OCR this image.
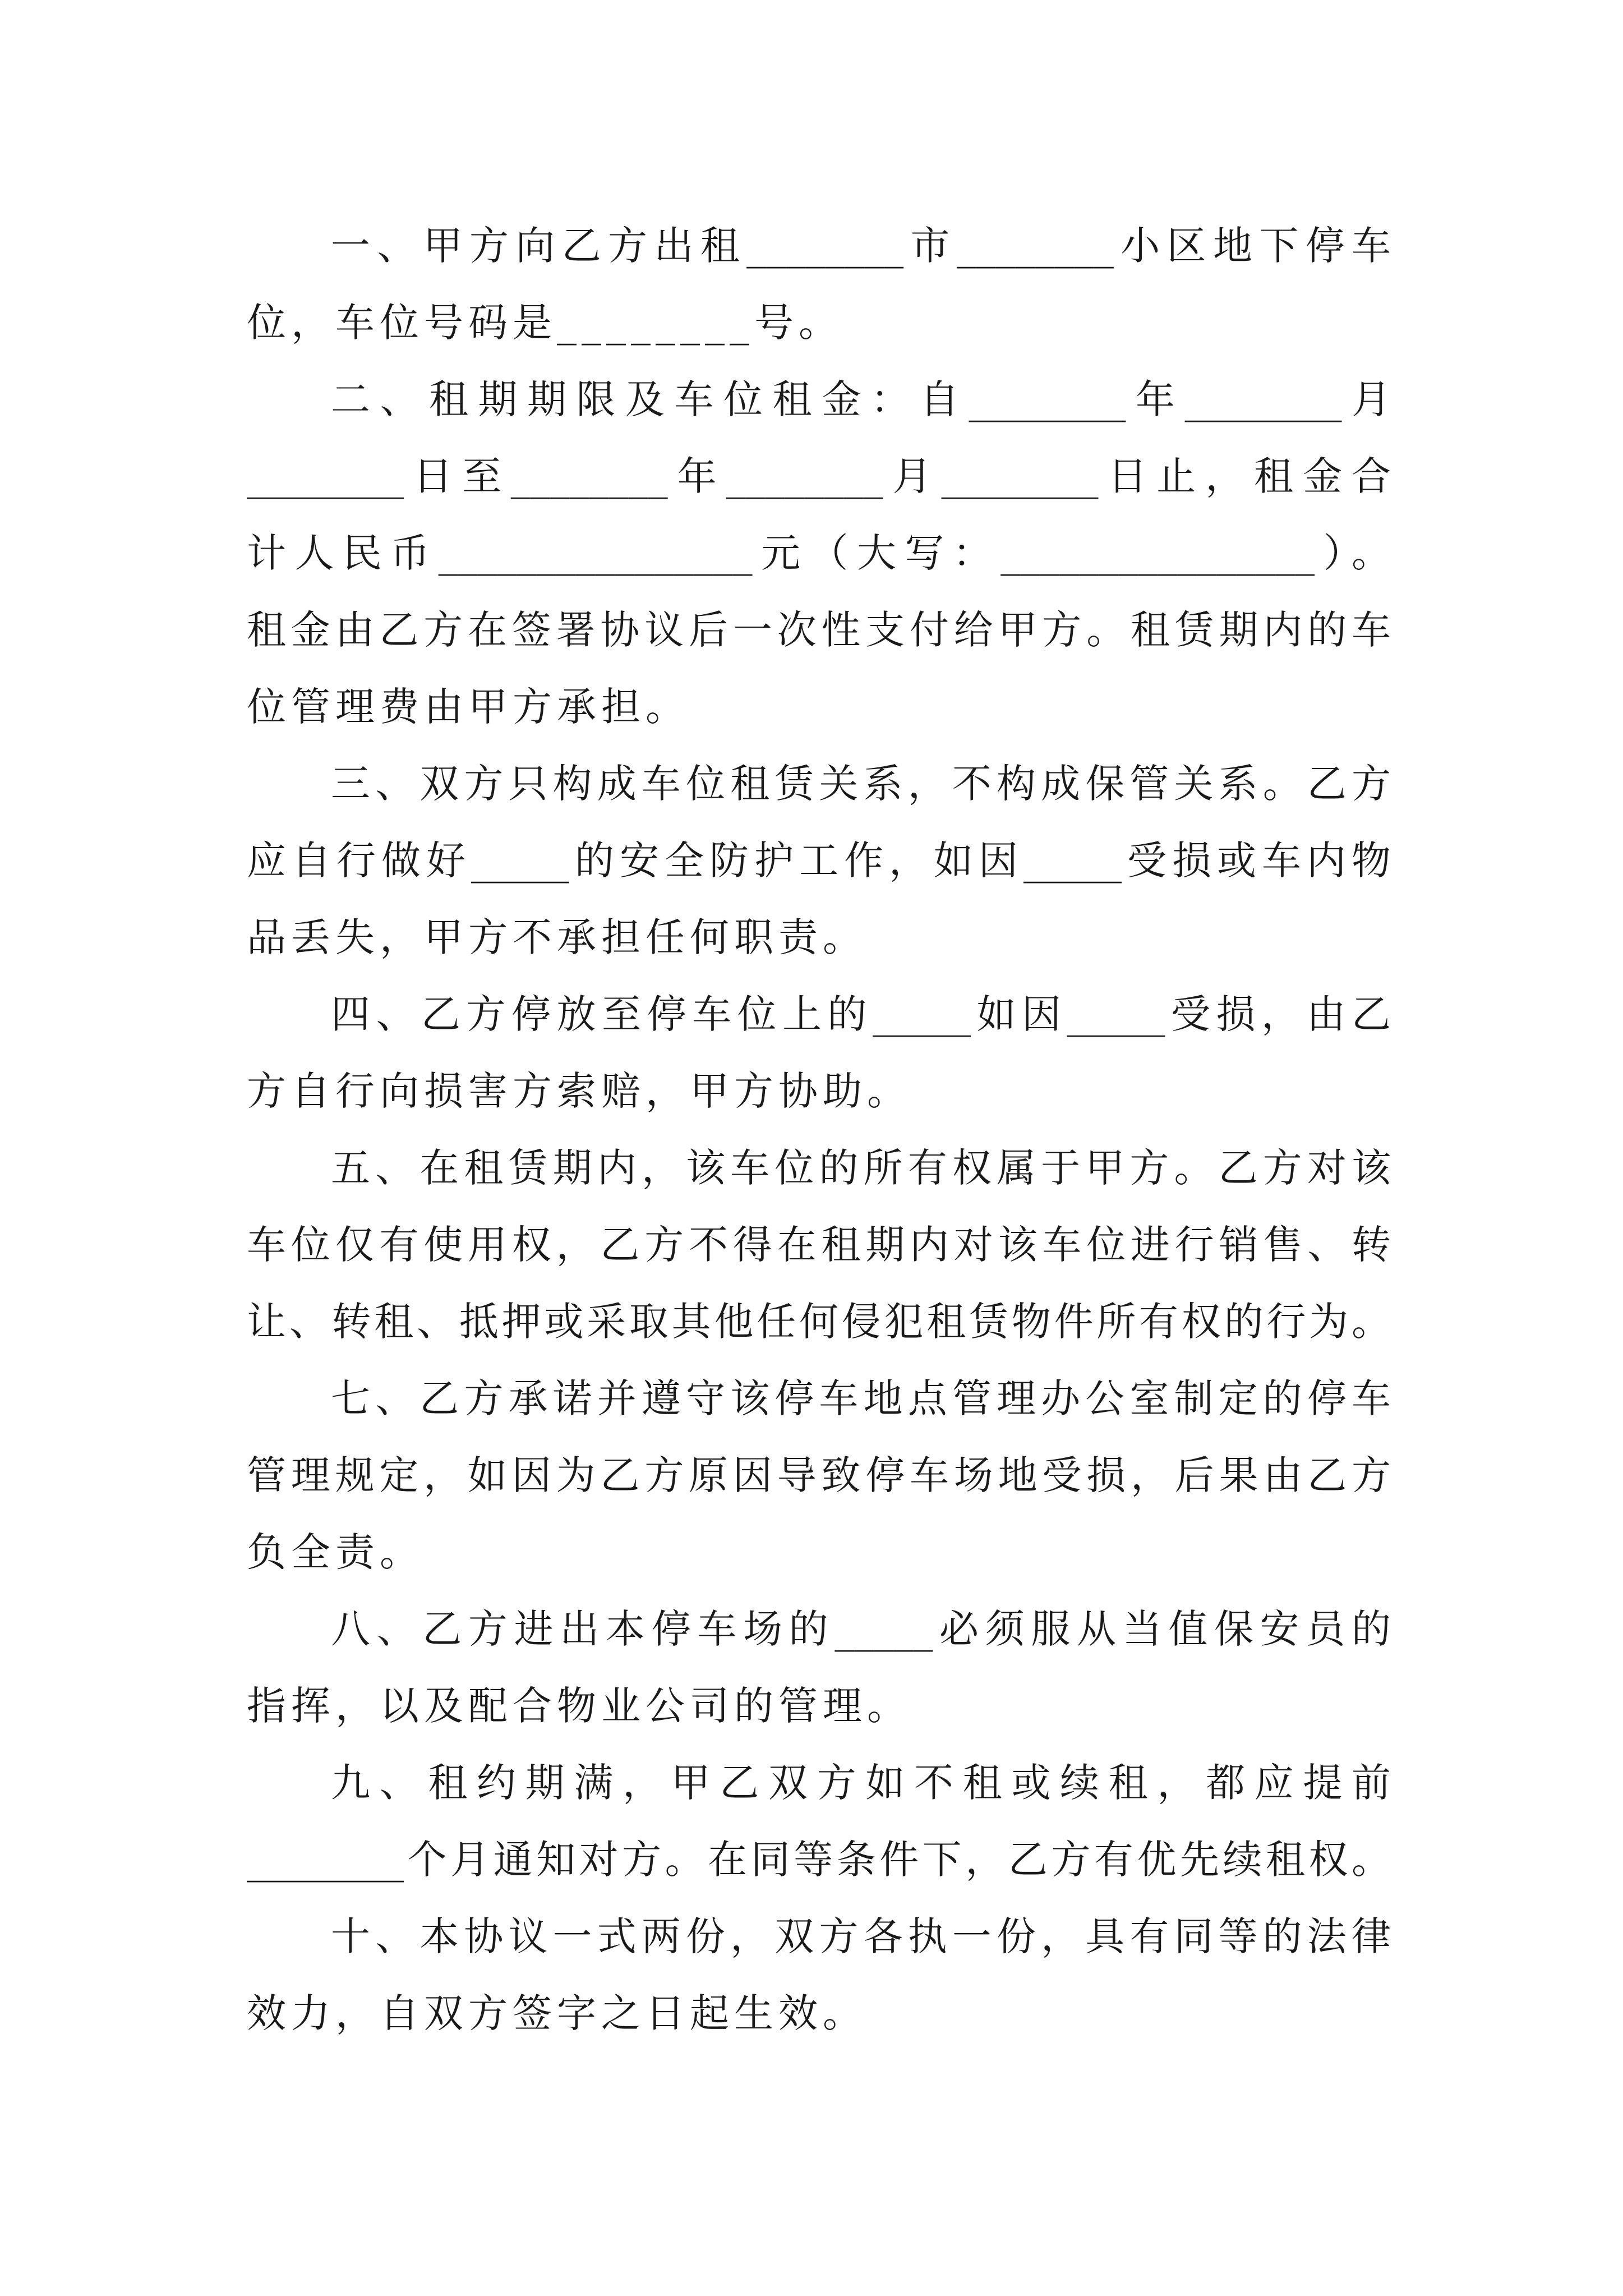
一、甲方向乙方出租________市________小区地下停车
位，车位号码是________号。
二、租期期限及车位租金：自________年________月
________日至________年________月________日止，租金合
计人民币________________元（大写：________________）。
租金由乙方在签署协议后一次性支付给甲方。租赁期内的车
位管理费由甲方承担。
三、双方只构成车位租赁关系，不构成保管关系。乙方
应自行做好_____的安全防护工作，如因_____受损或车内物
品丢失，甲方不承担任何职责。
四、乙方停放至停车位上的_____如因_____受损，由乙
方自行向损害方索赔，甲方协助。
五、在租赁期内，该车位的所有权属于甲方。乙方对该
车位仅有使用权，乙方不得在租期内对该车位进行销售、转
让、转租、抵押或采取其他任何侵犯租赁物件所有权的行为。
七、乙方承诺并遵守该停车地点管理办公室制定的停车
管理规定，如因为乙方原因导致停车场地受损，后果由乙方
负全责。
八、乙方进出本停车场的_____必须服从当值保安员的
指挥，以及配合物业公司的管理。
九、租约期满，甲乙双方如不租或续租，都应提前
________个月通知对方。在同等条件下，乙方有优先续租权。
十、本协议一式两份，双方各执一份，具有同等的法律
效力，自双方签字之日起生效。
